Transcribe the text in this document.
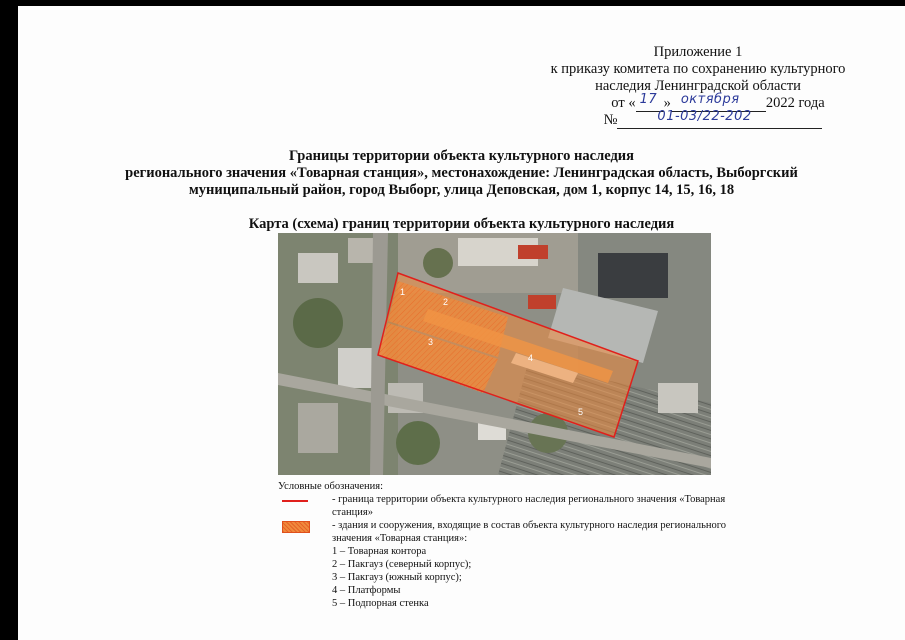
Приложение 1
к приказу комитета по сохранению культурного
наследия Ленинградской области
от « 17 » октября 2022 года
№	01-03/22-202
Границы территории объекта культурного наследия
регионального значения «Товарная станция», местонахождение: Ленинградская область, Выборгский
муниципальный район, город Выборг, улица Деповская, дом 1, корпус 14, 15, 16, 18
Карта (схема) границ территории объекта культурного наследия
1
2
3
4
5
Условные обозначения:
- граница территории объекта культурного наследия регионального значения «Товарная станция»
- здания и сооружения, входящие в состав объекта культурного наследия регионального значения «Товарная станция»:
1 – Товарная контора
2 – Пакгауз (северный корпус);
3 – Пакгауз (южный корпус);
4 – Платформы
5 – Подпорная стенка
